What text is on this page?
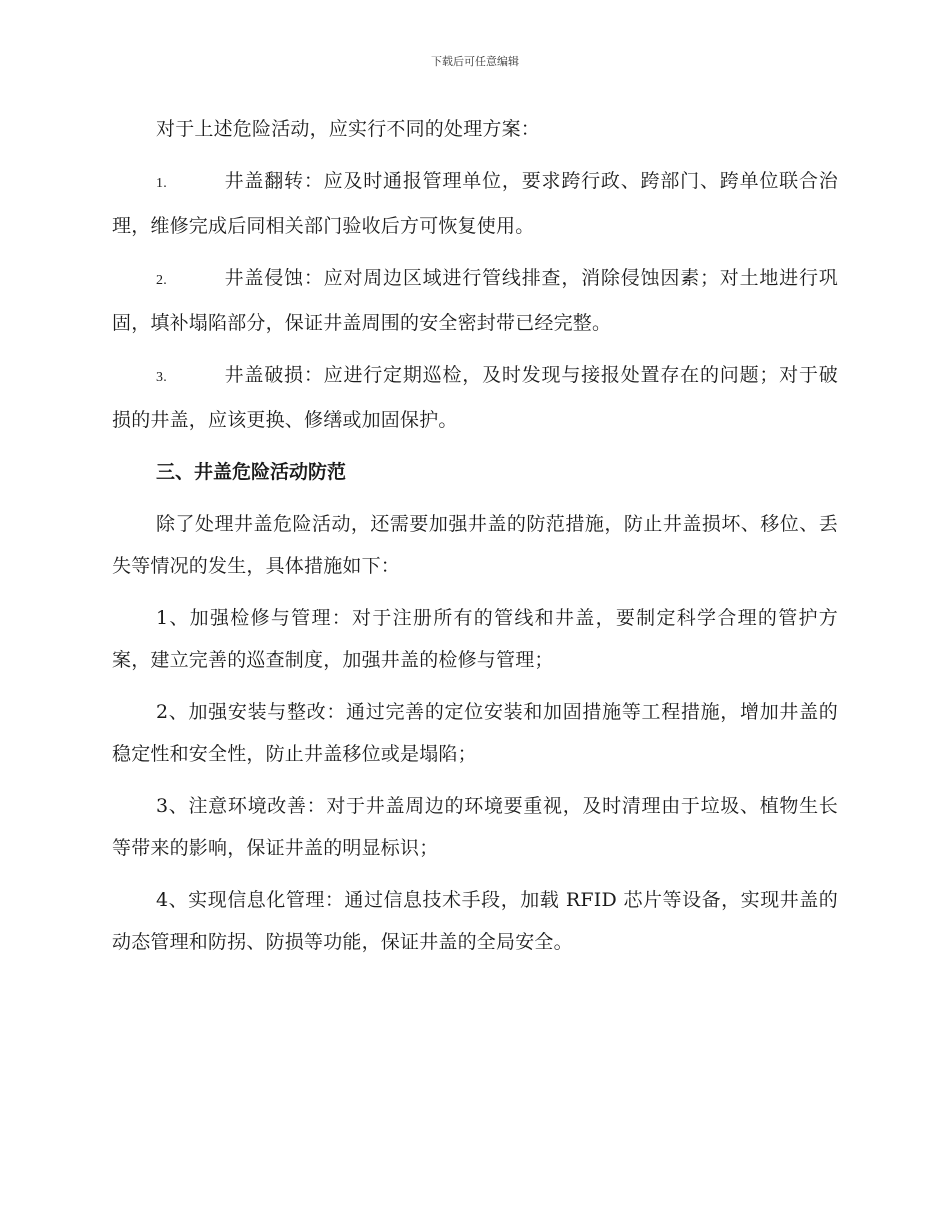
下载后可任意编辑

对于上述危险活动，应实行不同的处理方案：

1.	井盖翻转：应及时通报管理单位，要求跨行政、跨部门、跨单位联合治理，维修完成后同相关部门验收后方可恢复使用。

2.	井盖侵蚀：应对周边区域进行管线排查，消除侵蚀因素；对土地进行巩固，填补塌陷部分，保证井盖周围的安全密封带已经完整。

3.	井盖破损：应进行定期巡检，及时发现与接报处置存在的问题；对于破损的井盖，应该更换、修缮或加固保护。

三、井盖危险活动防范

除了处理井盖危险活动，还需要加强井盖的防范措施，防止井盖损坏、移位、丢失等情况的发生，具体措施如下：

1、加强检修与管理：对于注册所有的管线和井盖，要制定科学合理的管护方案，建立完善的巡查制度，加强井盖的检修与管理；

2、加强安装与整改：通过完善的定位安装和加固措施等工程措施，增加井盖的稳定性和安全性，防止井盖移位或是塌陷；

3、注意环境改善：对于井盖周边的环境要重视，及时清理由于垃圾、植物生长等带来的影响，保证井盖的明显标识；

4、实现信息化管理：通过信息技术手段，加载 RFID 芯片等设备，实现井盖的动态管理和防拐、防损等功能，保证井盖的全局安全。
